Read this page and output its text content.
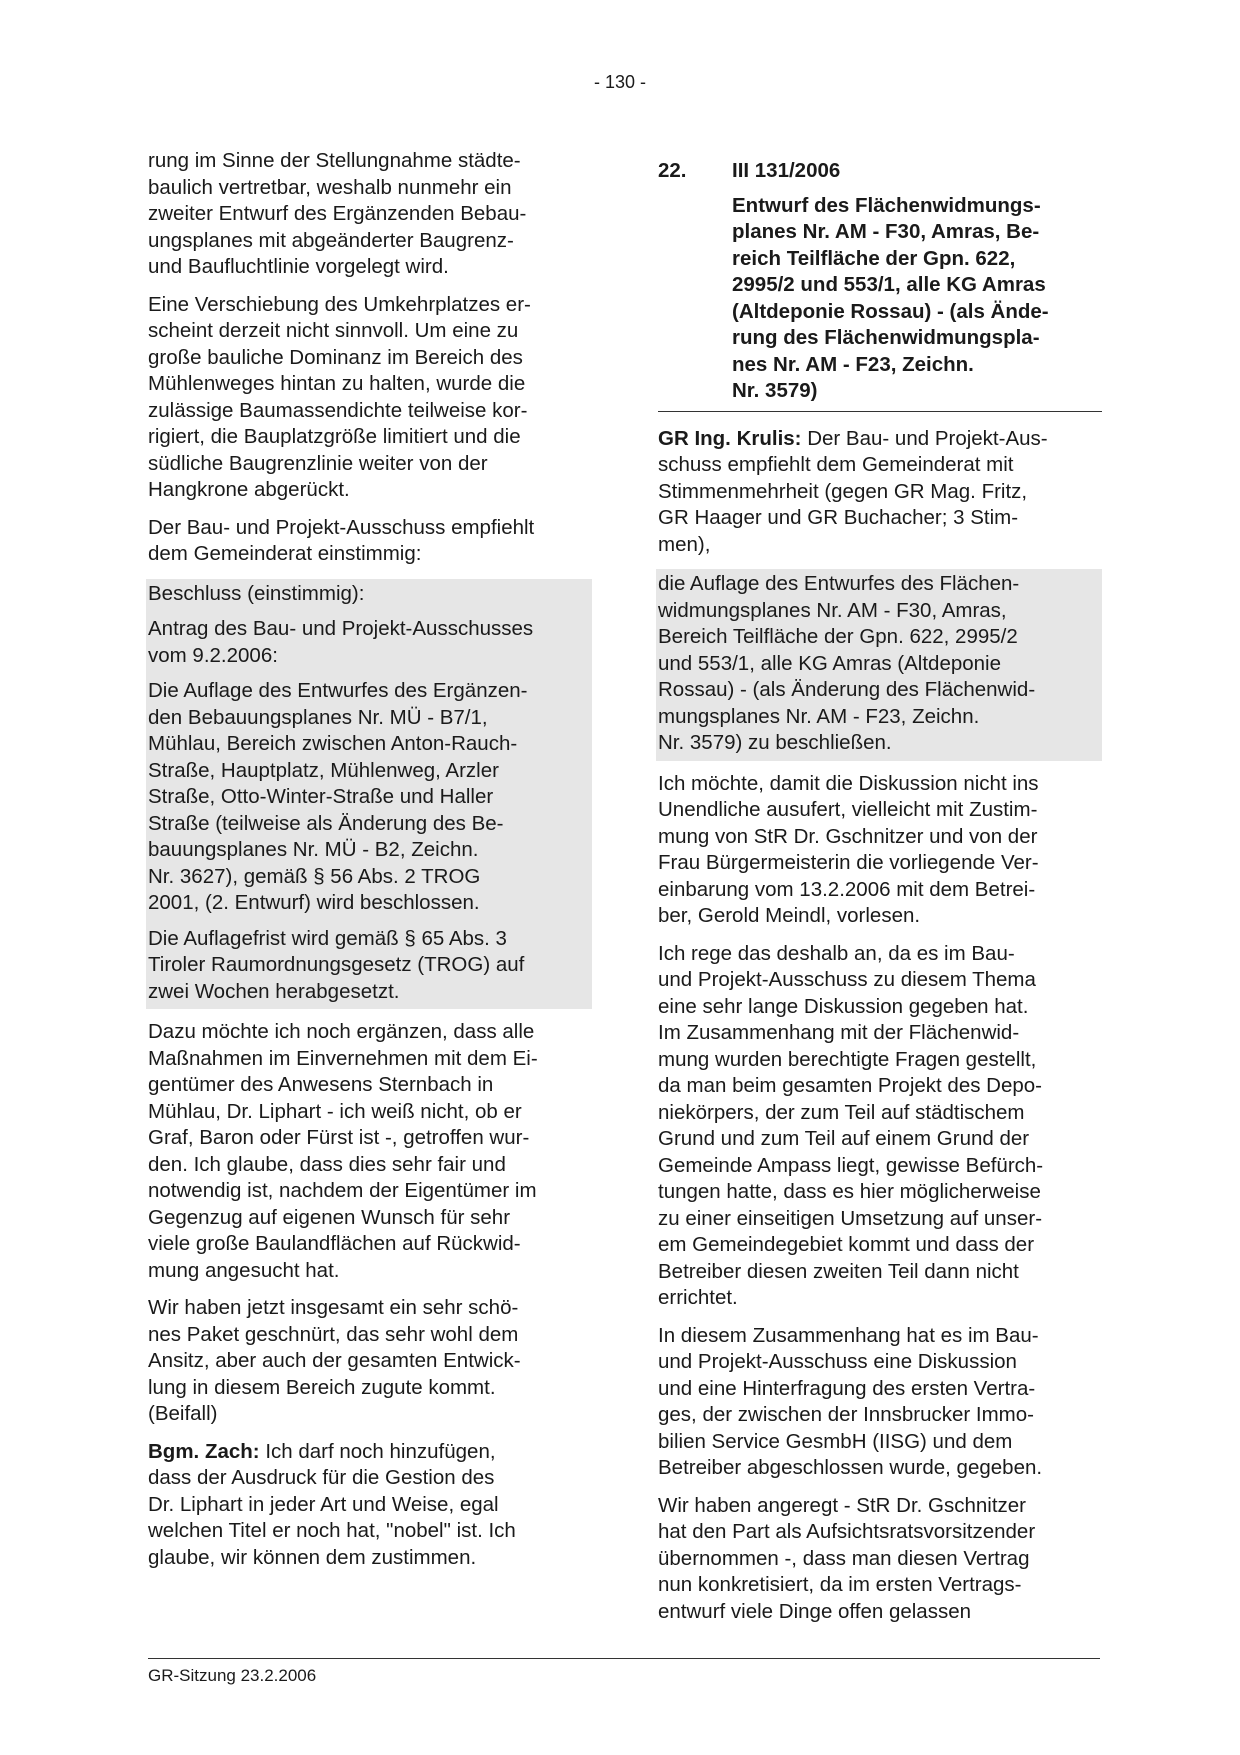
- 130 -

rung im Sinne der Stellungnahme städte-
baulich vertretbar, weshalb nunmehr ein
zweiter Entwurf des Ergänzenden Bebau-
ungsplanes mit abgeänderter Baugrenz-
und Baufluchtlinie vorgelegt wird.

Eine Verschiebung des Umkehrplatzes er-
scheint derzeit nicht sinnvoll. Um eine zu
große bauliche Dominanz im Bereich des
Mühlenweges hintan zu halten, wurde die
zulässige Baumassendichte teilweise kor-
rigiert, die Bauplatzgröße limitiert und die
südliche Baugrenzlinie weiter von der
Hangkrone abgerückt.

Der Bau- und Projekt-Ausschuss empfiehlt
dem Gemeinderat einstimmig:

Beschluss (einstimmig):

Antrag des Bau- und Projekt-Ausschusses
vom 9.2.2006:

Die Auflage des Entwurfes des Ergänzen-
den Bebauungsplanes Nr. MÜ - B7/1,
Mühlau, Bereich zwischen Anton-Rauch-
Straße, Hauptplatz, Mühlenweg, Arzler
Straße, Otto-Winter-Straße und Haller
Straße (teilweise als Änderung des Be-
bauungsplanes Nr. MÜ - B2, Zeichn.
Nr. 3627), gemäß § 56 Abs. 2 TROG
2001, (2. Entwurf) wird beschlossen.

Die Auflagefrist wird gemäß § 65 Abs. 3
Tiroler Raumordnungsgesetz (TROG) auf
zwei Wochen herabgesetzt.

Dazu möchte ich noch ergänzen, dass alle
Maßnahmen im Einvernehmen mit dem Ei-
gentümer des Anwesens Sternbach in
Mühlau, Dr. Liphart - ich weiß nicht, ob er
Graf, Baron oder Fürst ist -, getroffen wur-
den. Ich glaube, dass dies sehr fair und
notwendig ist, nachdem der Eigentümer im
Gegenzug auf eigenen Wunsch für sehr
viele große Baulandflächen auf Rückwid-
mung angesucht hat.

Wir haben jetzt insgesamt ein sehr schö-
nes Paket geschnürt, das sehr wohl dem
Ansitz, aber auch der gesamten Entwick-
lung in diesem Bereich zugute kommt.
(Beifall)

Bgm. Zach: Ich darf noch hinzufügen,
dass der Ausdruck für die Gestion des
Dr. Liphart in jeder Art und Weise, egal
welchen Titel er noch hat, "nobel" ist. Ich
glaube, wir können dem zustimmen.

22.	III 131/2006
Entwurf des Flächenwidmungs-
planes Nr. AM - F30, Amras, Be-
reich Teilfläche der Gpn. 622,
2995/2 und 553/1, alle KG Amras
(Altdeponie Rossau) - (als Ände-
rung des Flächenwidmungspla-
nes Nr. AM - F23, Zeichn.
Nr. 3579)

GR Ing. Krulis: Der Bau- und Projekt-Aus-
schuss empfiehlt dem Gemeinderat mit
Stimmenmehrheit (gegen GR Mag. Fritz,
GR Haager und GR Buchacher; 3 Stim-
men),

die Auflage des Entwurfes des Flächen-
widmungsplanes Nr. AM - F30, Amras,
Bereich Teilfläche der Gpn. 622, 2995/2
und 553/1, alle KG Amras (Altdeponie
Rossau) - (als Änderung des Flächenwid-
mungsplanes Nr. AM - F23, Zeichn.
Nr. 3579) zu beschließen.

Ich möchte, damit die Diskussion nicht ins
Unendliche ausufert, vielleicht mit Zustim-
mung von StR Dr. Gschnitzer und von der
Frau Bürgermeisterin die vorliegende Ver-
einbarung vom 13.2.2006 mit dem Betrei-
ber, Gerold Meindl, vorlesen.

Ich rege das deshalb an, da es im Bau-
und Projekt-Ausschuss zu diesem Thema
eine sehr lange Diskussion gegeben hat.
Im Zusammenhang mit der Flächenwid-
mung wurden berechtigte Fragen gestellt,
da man beim gesamten Projekt des Depo-
niekörpers, der zum Teil auf städtischem
Grund und zum Teil auf einem Grund der
Gemeinde Ampass liegt, gewisse Befürch-
tungen hatte, dass es hier möglicherweise
zu einer einseitigen Umsetzung auf unser-
em Gemeindegebiet kommt und dass der
Betreiber diesen zweiten Teil dann nicht
errichtet.

In diesem Zusammenhang hat es im Bau-
und Projekt-Ausschuss eine Diskussion
und eine Hinterfragung des ersten Vertra-
ges, der zwischen der Innsbrucker Immo-
bilien Service GesmbH (IISG) und dem
Betreiber abgeschlossen wurde, gegeben.

Wir haben angeregt - StR Dr. Gschnitzer
hat den Part als Aufsichtsratsvorsitzender
übernommen -, dass man diesen Vertrag
nun konkretisiert, da im ersten Vertrags-
entwurf viele Dinge offen gelassen

GR-Sitzung 23.2.2006
